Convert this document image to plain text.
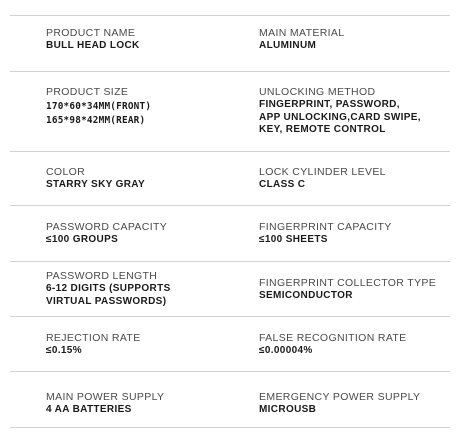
PRODUCT NAME
BULL HEAD LOCK
MAIN MATERIAL
ALUMINUM
PRODUCT SIZE
170*60*34MM(FRONT)
165*98*42MM(REAR)
UNLOCKING METHOD
FINGERPRINT, PASSWORD,
APP UNLOCKING,CARD SWIPE,
KEY, REMOTE CONTROL
COLOR
STARRY SKY GRAY
LOCK CYLINDER LEVEL
CLASS C
PASSWORD CAPACITY
≤100 GROUPS
FINGERPRINT CAPACITY
≤100 SHEETS
PASSWORD LENGTH
6-12 DIGITS (SUPPORTS
VIRTUAL PASSWORDS)
FINGERPRINT COLLECTOR TYPE
SEMICONDUCTOR
REJECTION RATE
≤0.15%
FALSE RECOGNITION RATE
≤0.00004%
MAIN POWER SUPPLY
4 AA BATTERIES
EMERGENCY POWER SUPPLY
MICROUSB
